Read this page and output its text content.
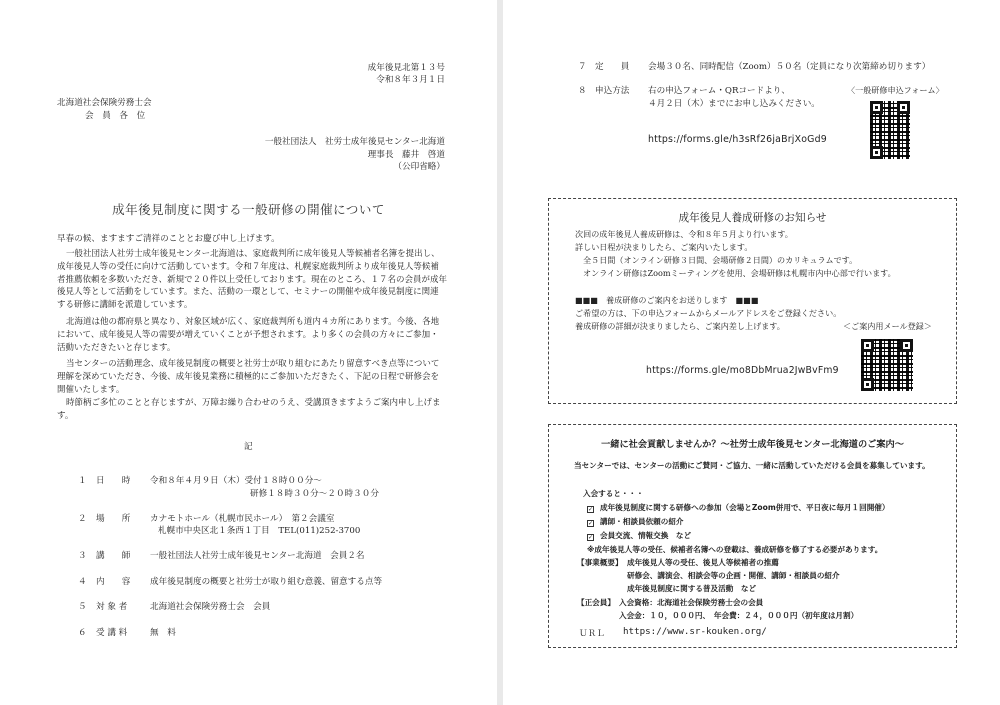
成年後見北第１３号
令和８年３月１日
北海道社会保険労務士会
会　員　各　位
一般社団法人　社労士成年後見センター北海道
理事長　藤井　啓道
（公印省略）
成年後見制度に関する一般研修の開催について
早春の候、ますますご清祥のこととお慶び申し上げます。

一般社団法人社労士成年後見センター北海道は、家庭裁判所に成年後見人等候補者名簿を提出し、成年後見人等の受任に向けて活動しています。令和７年度は、札幌家庭裁判所より成年後見人等候補者推薦依頼を多数いただき、新規で２０件以上受任しております。現在のところ、１７名の会員が成年後見人等として活動をしています。また、活動の一環として、セミナーの開催や成年後見制度に関連する研修に講師を派遣しています。

北海道は他の都府県と異なり、対象区域が広く、家庭裁判所も道内４カ所にあります。今後、各地において、成年後見人等の需要が増えていくことが予想されます。より多くの会員の方々にご参加・活動いただきたいと存じます。

当センターの活動理念、成年後見制度の概要と社労士が取り組むにあたり留意すべき点等について理解を深めていただき、今後、成年後見業務に積極的にご参加いただきたく、下記の日程で研修会を開催いたします。

時節柄ご多忙のことと存じますが、万障お繰り合わせのうえ、受講頂きますようご案内申し上げます。

記
１ 日　　時 令和８年４月９日（木）受付１８時００分～
研修１８時３０分～２０時３０分
２ 場　　所 カナモトホール（札幌市民ホール）　第２会議室
札幌市中央区北１条西１丁目　TEL(011)252-3700
３ 講　　師 一般社団法人社労士成年後見センター北海道　会員２名
４ 内　　容 成年後見制度の概要と社労士が取り組む意義、留意する点等
５ 対 象 者	北海道社会保険労務士会　会員
６ 受 講 料	無　料
７ 定　　員 会場３０名、同時配信（Zoom）５０名（定員になり次第締め切ります）
８ 申込方法 右の申込フォーム・QRコードより、
４月２日（木）までにお申し込みください。
〈一般研修申込フォーム〉
https://forms.gle/h3sRf26jaBrjXoGd9
成年後見人養成研修のお知らせ
次回の成年後見人養成研修は、令和８年５月より行います。
詳しい日程が決まりしたら、ご案内いたします。
全５日間（オンライン研修３日間、会場研修２日間）のカリキュラムです。
オンライン研修はZoomミーティングを使用、会場研修は札幌市内中心部で行います。
■■■　養成研修のご案内をお送りします　■■■
ご希望の方は、下の申込フォームからメールアドレスをご登録ください。
養成研修の詳細が決まりましたら、ご案内差し上げます。	＜ご案内用メール登録＞
https://forms.gle/mo8DbMrua2JwBvFm9
一緒に社会貢献しませんか？～社労士成年後見センター北海道のご案内～
当センターでは、センターの活動にご賛同・ご協力、一緒に活動していただける会員を募集しています。
入会すると・・・
✓ 成年後見制度に関する研修への参加（会場とZoom併用で、平日夜に毎月１回開催）
✓ 講師・相談員依頼の紹介
✓ 会員交流、情報交換　など
※成年後見人等の受任、候補者名簿への登載は、養成研修を修了する必要があります。
【事業概要】 成年後見人等の受任、後見人等候補者の推薦
研修会、講演会、相談会等の企画・開催、講師・相談員の紹介
成年後見制度に関する普及活動　など
【正会員】 入会資格：北海道社会保険労務士会の会員
入会金：１０，０００円、　年会費：２４，０００円（初年度は月割）
ＵＲＬ https://www.sr-kouken.org/
